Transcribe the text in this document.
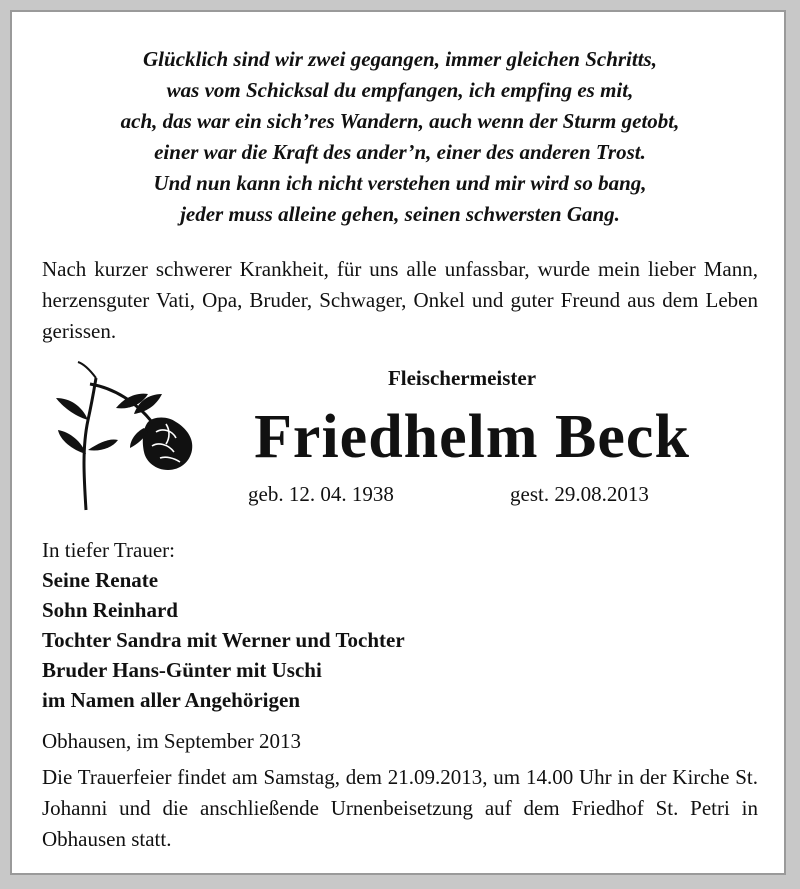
Glücklich sind wir zwei gegangen, immer gleichen Schritts,
was vom Schicksal du empfangen, ich empfing es mit,
ach, das war ein sich’res Wandern, auch wenn der Sturm getobt,
einer war die Kraft des ander’n, einer des anderen Trost.
Und nun kann ich nicht verstehen und mir wird so bang,
jeder muss alleine gehen, seinen schwersten Gang.

Nach kurzer schwerer Krankheit, für uns alle unfassbar, wurde mein lieber Mann, herzensguter Vati, Opa, Bruder, Schwager, Onkel und guter Freund aus dem Leben gerissen.

Fleischermeister
Friedhelm Beck
geb. 12. 04. 1938	gest. 29.08.2013
In tiefer Trauer:
Seine Renate
Sohn Reinhard
Tochter Sandra mit Werner und Tochter
Bruder Hans-Günter mit Uschi
im Namen aller Angehörigen
Obhausen, im September 2013

Die Trauerfeier findet am Samstag, dem 21.09.2013, um 14.00 Uhr in der Kirche St. Johanni und die anschließende Urnenbeisetzung auf dem Friedhof St. Petri in Obhausen statt.
